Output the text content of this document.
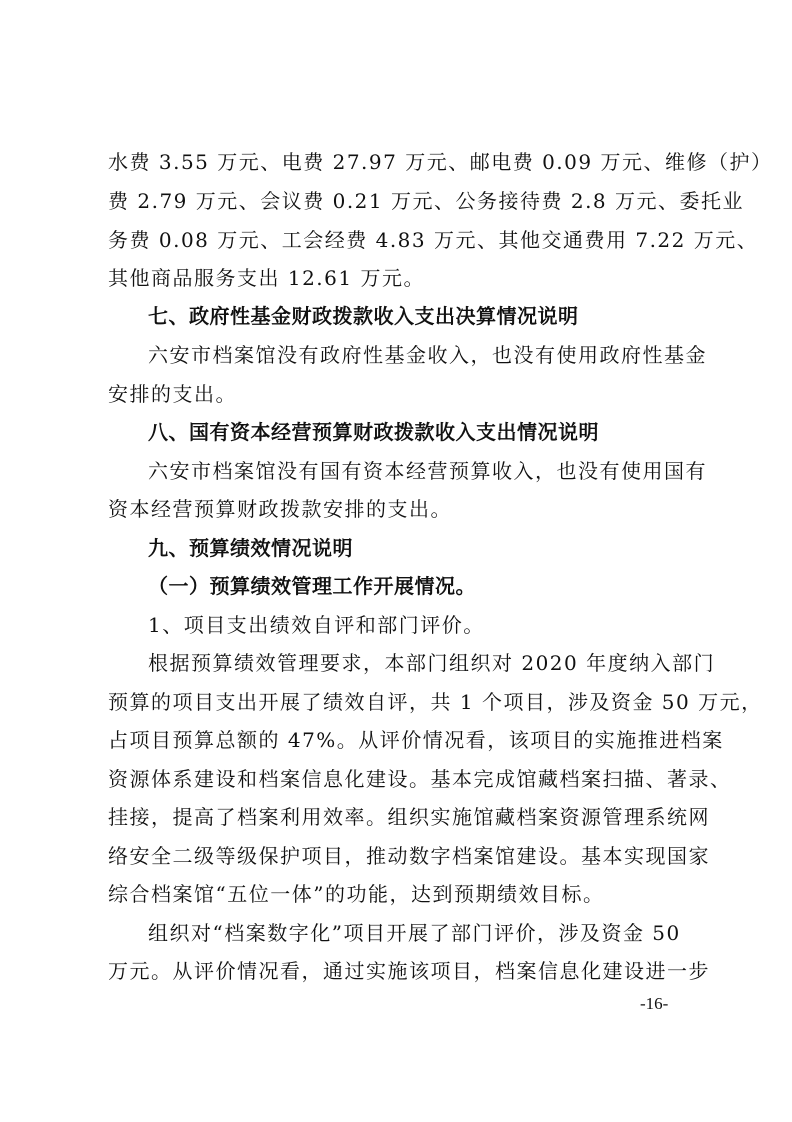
水费 3.55 万元、电费 27.97 万元、邮电费 0.09 万元、维修（护）
费 2.79 万元、会议费 0.21 万元、公务接待费 2.8 万元、委托业
务费 0.08 万元、工会经费 4.83 万元、其他交通费用 7.22 万元、
其他商品服务支出 12.61 万元。
七、政府性基金财政拨款收入支出决算情况说明
六安市档案馆没有政府性基金收入，也没有使用政府性基金
安排的支出。
八、国有资本经营预算财政拨款收入支出情况说明
六安市档案馆没有国有资本经营预算收入，也没有使用国有
资本经营预算财政拨款安排的支出。
九、预算绩效情况说明
（一）预算绩效管理工作开展情况。
1、项目支出绩效自评和部门评价。
根据预算绩效管理要求，本部门组织对 2020 年度纳入部门
预算的项目支出开展了绩效自评，共 1 个项目，涉及资金 50 万元，
占项目预算总额的 47%。从评价情况看，该项目的实施推进档案
资源体系建设和档案信息化建设。基本完成馆藏档案扫描、著录、
挂接，提高了档案利用效率。组织实施馆藏档案资源管理系统网
络安全二级等级保护项目，推动数字档案馆建设。基本实现国家
综合档案馆“五位一体”的功能，达到预期绩效目标。
组织对“档案数字化”项目开展了部门评价，涉及资金 50
万元。从评价情况看，通过实施该项目，档案信息化建设进一步
-16-
